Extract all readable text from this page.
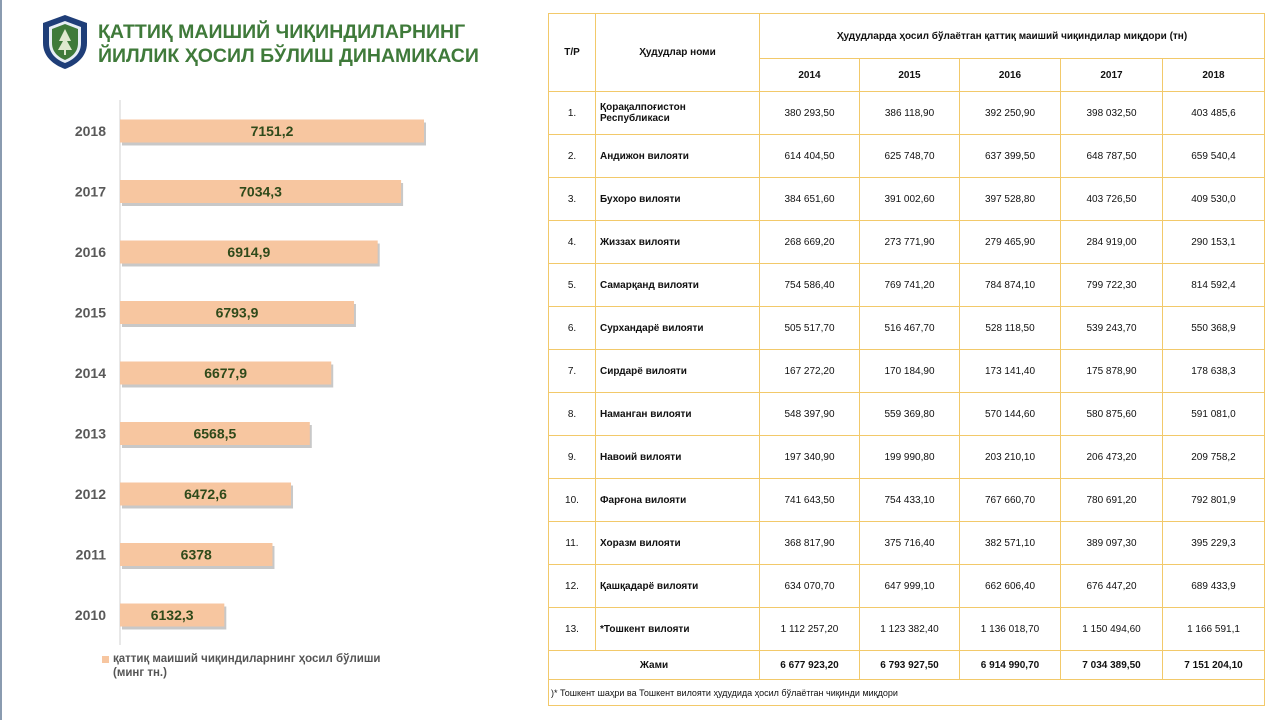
ҚАТТИҚ МАИШИЙ ЧИҚИНДИЛАРНИНГ
ЙИЛЛИК ҲОСИЛ БЎЛИШ ДИНАМИКАСИ
2018	7151,2
2017	7034,3
2016	6914,9
2015	6793,9
2014	6677,9
2013	6568,5
2012	6472,6
2011	6378
2010	6132,3
қаттиқ маиший чиқиндиларнинг ҳосил бўлиши
(минг тн.)
Т/Р	Ҳудудлар номи	Ҳудудларда ҳосил бўлаётган қаттиқ маиший чиқиндилар миқдори (тн)				
		2014	2015	2016	2017	2018
1.	Қорақалпоғистон Республикаси	380 293,50	386 118,90	392 250,90	398 032,50	403 485,6
2.	Андижон вилояти	614 404,50	625 748,70	637 399,50	648 787,50	659 540,4
3.	Бухоро вилояти	384 651,60	391 002,60	397 528,80	403 726,50	409 530,0
4.	Жиззах вилояти	268 669,20	273 771,90	279 465,90	284 919,00	290 153,1
5.	Самарқанд вилояти	754 586,40	769 741,20	784 874,10	799 722,30	814 592,4
6.	Сурхандарё вилояти	505 517,70	516 467,70	528 118,50	539 243,70	550 368,9
7.	Сирдарё вилояти	167 272,20	170 184,90	173 141,40	175 878,90	178 638,3
8.	Наманган вилояти	548 397,90	559 369,80	570 144,60	580 875,60	591 081,0
9.	Навоий вилояти	197 340,90	199 990,80	203 210,10	206 473,20	209 758,2
10.	Фарғона вилояти	741 643,50	754 433,10	767 660,70	780 691,20	792 801,9
11.	Хоразм вилояти	368 817,90	375 716,40	382 571,10	389 097,30	395 229,3
12.	Қашқадарё вилояти	634 070,70	647 999,10	662 606,40	676 447,20	689 433,9
13.	*Тошкент вилояти	1 112 257,20	1 123 382,40	1 136 018,70	1 150 494,60	1 166 591,1
Жами		6 677 923,20	6 793 927,50	6 914 990,70	7 034 389,50	7 151 204,10
)* Тошкент шаҳри ва Тошкент вилояти ҳудудида ҳосил бўлаётган чиқинди миқдори						
